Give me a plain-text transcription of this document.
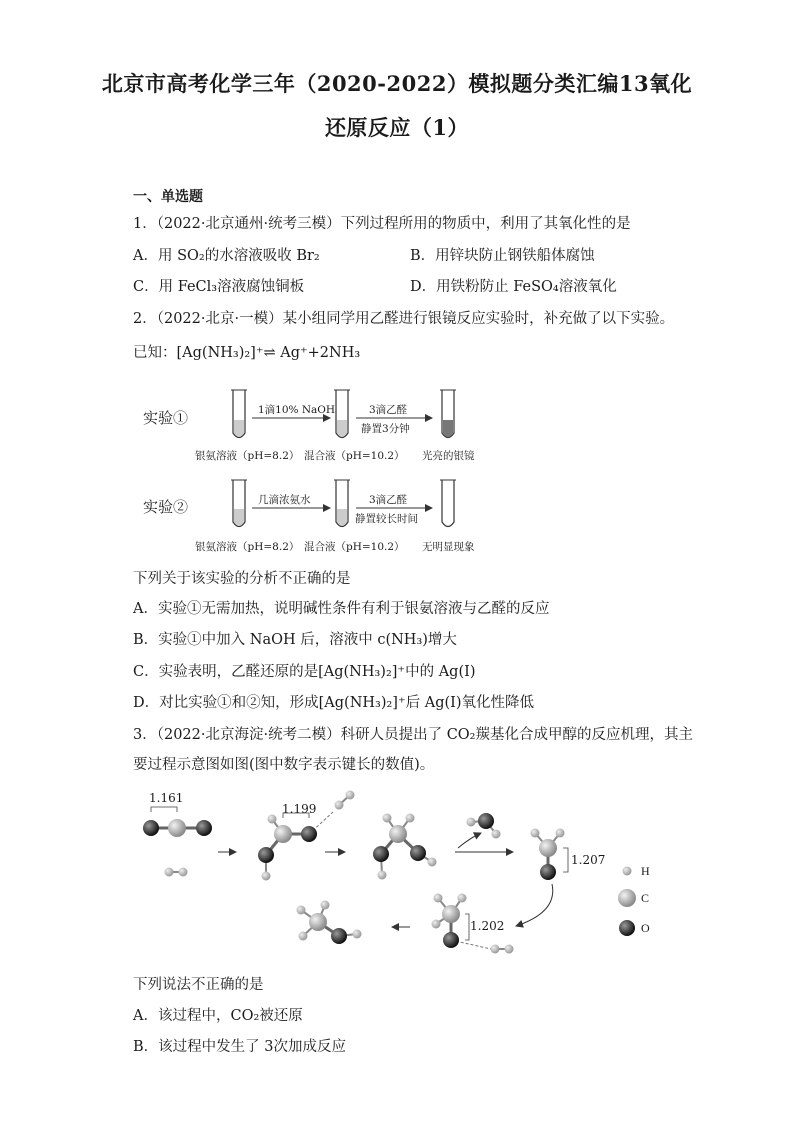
北京市高考化学三年（2020-2022）模拟题分类汇编13氧化
还原反应（1）
一、单选题
1．（2022·北京通州·统考三模）下列过程所用的物质中，利用了其氧化性的是
A．用 SO₂的水溶液吸收 Br₂	B．用锌块防止钢铁船体腐蚀
C．用 FeCl₃溶液腐蚀铜板	D．用铁粉防止 FeSO₄溶液氧化
2．（2022·北京·一模）某小组同学用乙醛进行银镜反应实验时，补充做了以下实验。
已知：[Ag(NH₃)₂]⁺⇌ Ag⁺+2NH₃
实验①
实验②
1滴10% NaOH	3滴乙醛
静置3分钟
银氨溶液（pH=8.2） 混合液（pH=10.2） 光亮的银镜
几滴浓氨水	3滴乙醛
静置较长时间
银氨溶液（pH=8.2） 混合液（pH=10.2） 无明显现象
下列关于该实验的分析不正确的是
A．实验①无需加热，说明碱性条件有利于银氨溶液与乙醛的反应
B．实验①中加入 NaOH 后，溶液中 c(NH₃)增大
C．实验表明，乙醛还原的是[Ag(NH₃)₂]⁺中的 Ag(I)
D．对比实验①和②知，形成[Ag(NH₃)₂]⁺后 Ag(I)氧化性降低
3．（2022·北京海淀·统考二模）科研人员提出了 CO₂羰基化合成甲醇的反应机理，其主
要过程示意图如图(图中数字表示键长的数值)。
1.161
1.199
1.207
1.202
H
C
O
下列说法不正确的是
A．该过程中，CO₂被还原
B．该过程中发生了 3次加成反应
